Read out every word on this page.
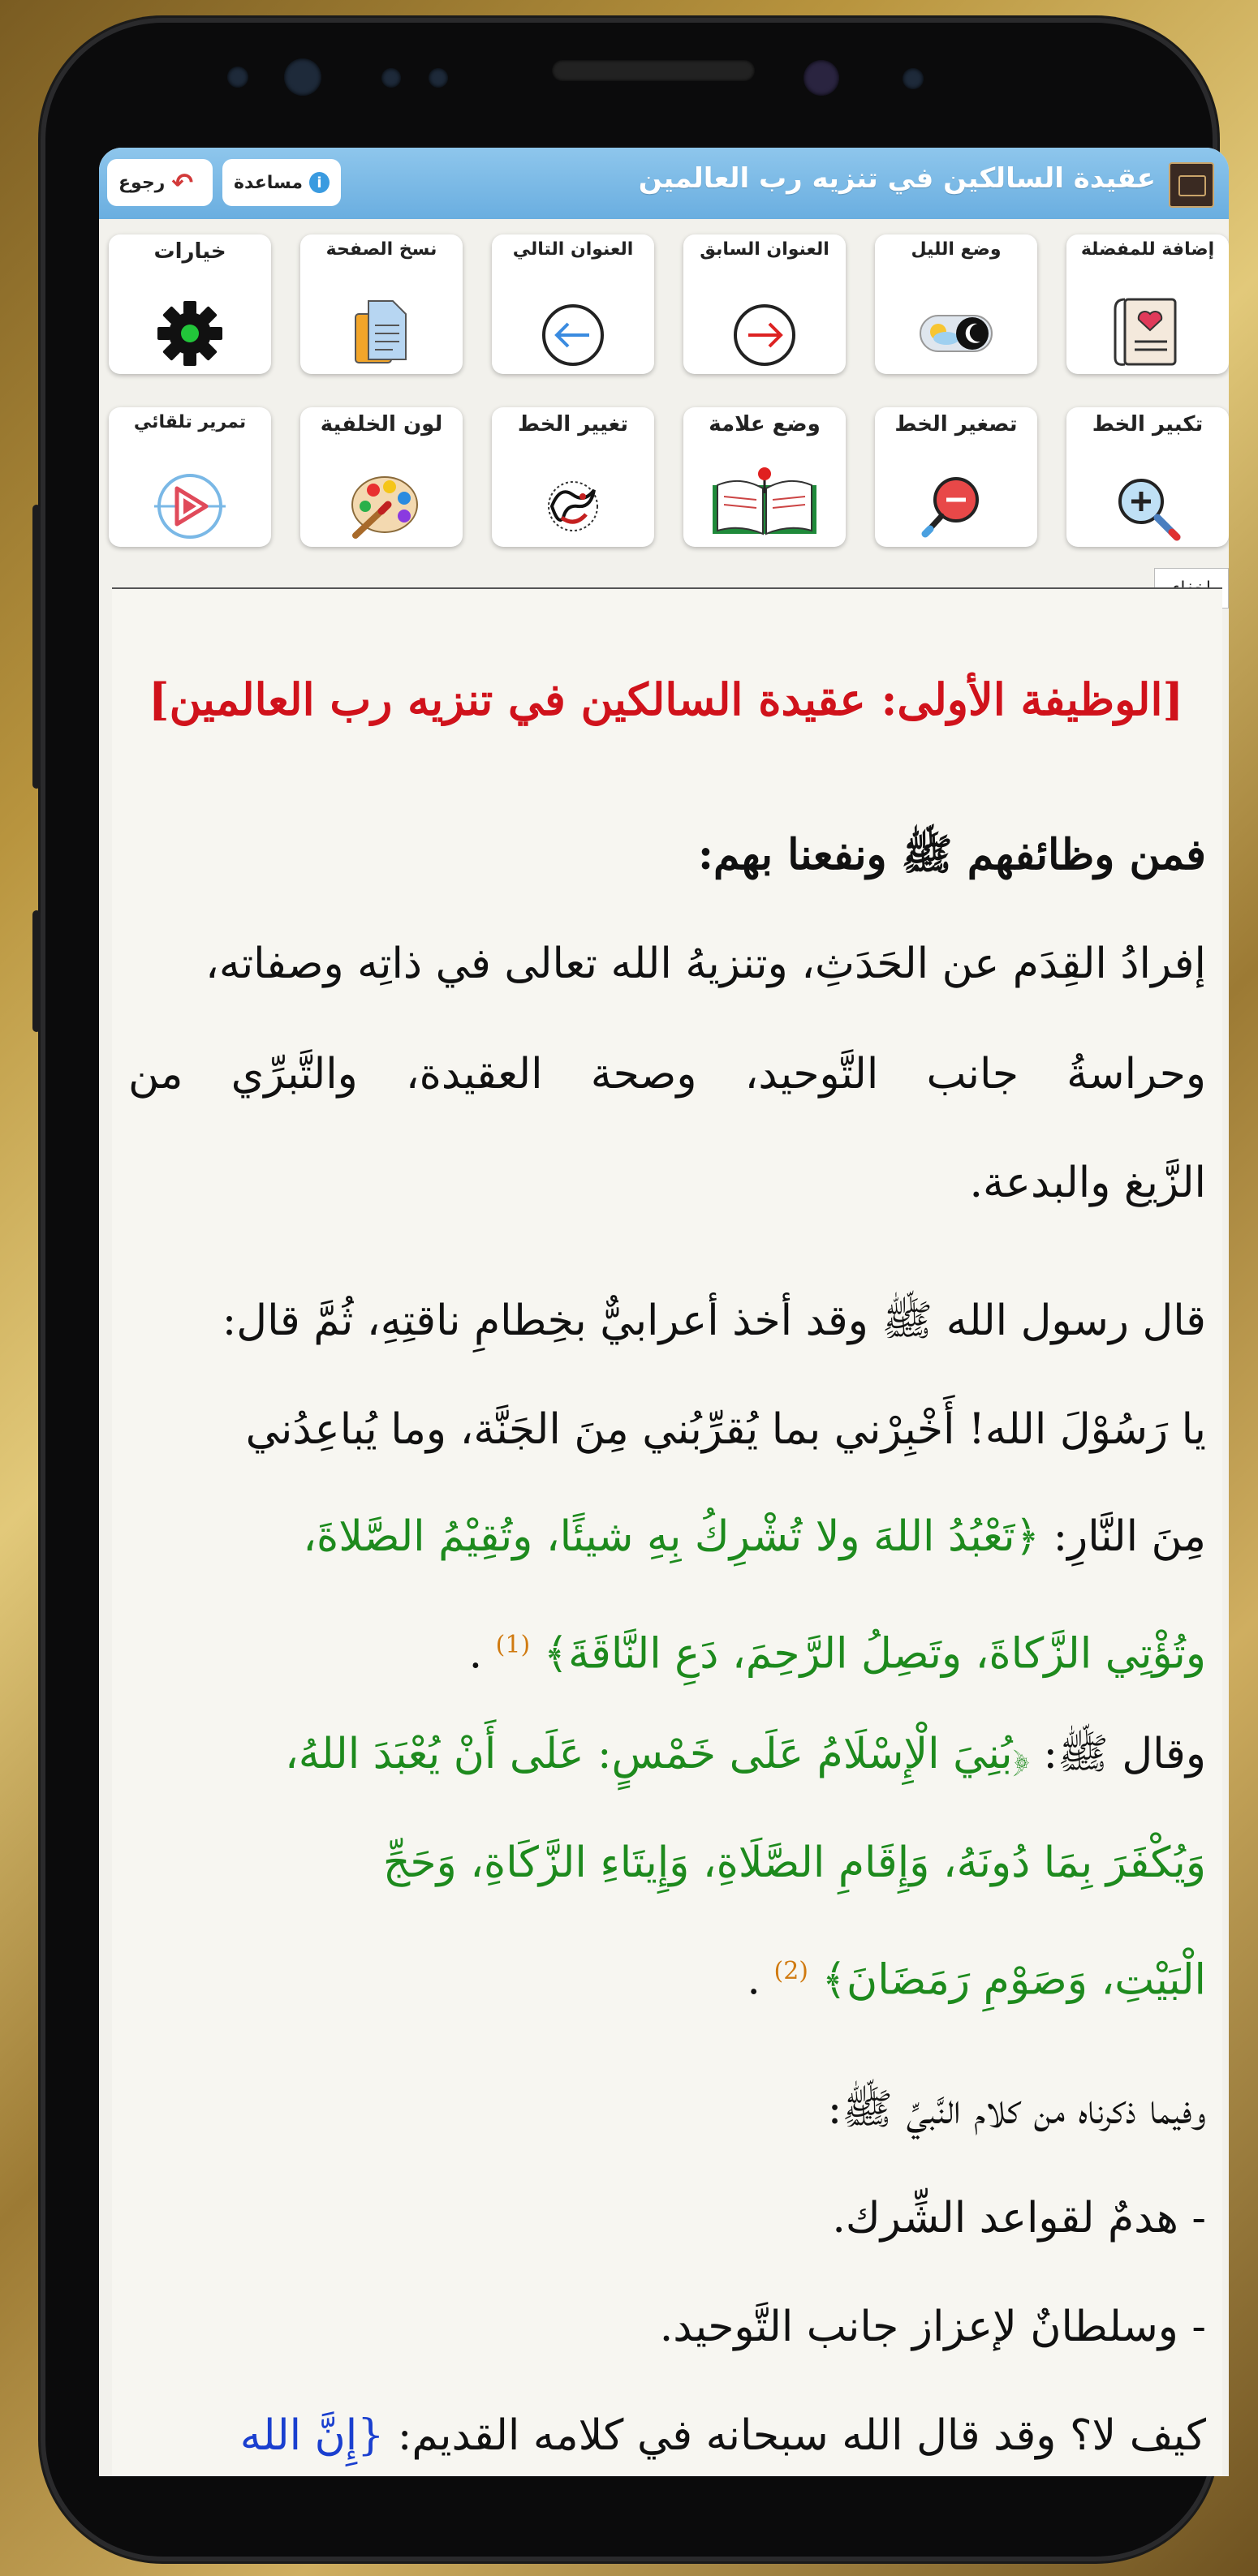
عقيدة السالكين في تنزيه رب العالمين
مساعدة i
رجوع ↶
إضافة للمفضلة
وضع الليل
العنوان السابق
العنوان التالي
نسخ الصفحة
خيارات
تكبير الخط
تصغير الخط
وضع علامة
تغيير الخط
لون الخلفية
تمرير تلقائي
[الوظيفة الأولى: عقيدة السالكين في تنزيه رب العالمين]
فمن وظائفهم ﷺ ونفعنا بهم:
إفرادُ القِدَم عن الحَدَثِ، وتنزيهُ الله تعالى في ذاتِه وصفاته،
وحراسةُ جانب التَّوحيد، وصحة العقيدة، والتَّبرِّي من
الزَّيغ والبدعة.
قال رسول الله ﷺ وقد أخذ أعرابيٌّ بخِطامِ ناقتِهِ، ثُمَّ قال:
يا رَسُوْلَ الله! أَخْبِرْني بما يُقرِّبُني مِنَ الجَنَّة، وما يُباعِدُني
مِنَ النَّارِ: ﴿تَعْبُدُ اللهَ ولا تُشْرِكُ بِهِ شيئًا، وتُقِيْمُ الصَّلاةَ،
وتُؤْتِي الزَّكاةَ، وتَصِلُ الرَّحِمَ، دَعِ النَّاقَةَ﴾ $^{(1)}$ .
وقال ﷺ: ﴿بُنِيَ الْإِسْلَامُ عَلَى خَمْسٍ: عَلَى أَنْ يُعْبَدَ اللهُ،
وَيُكْفَرَ بِمَا دُونَهُ، وَإِقَامِ الصَّلَاةِ، وَإِيتَاءِ الزَّكَاةِ، وَحَجِّ
الْبَيْتِ، وَصَوْمِ رَمَضَانَ﴾ $^{(2)}$ .
وفيما ذكرناه من كلام النَّبيِّ ﷺ:
- هدمٌ لقواعد الشِّرك.
- وسلطانٌ لإعزاز جانب التَّوحيد.
كيف لا؟ وقد قال الله سبحانه في كلامه القديم: {إِنَّ الله
